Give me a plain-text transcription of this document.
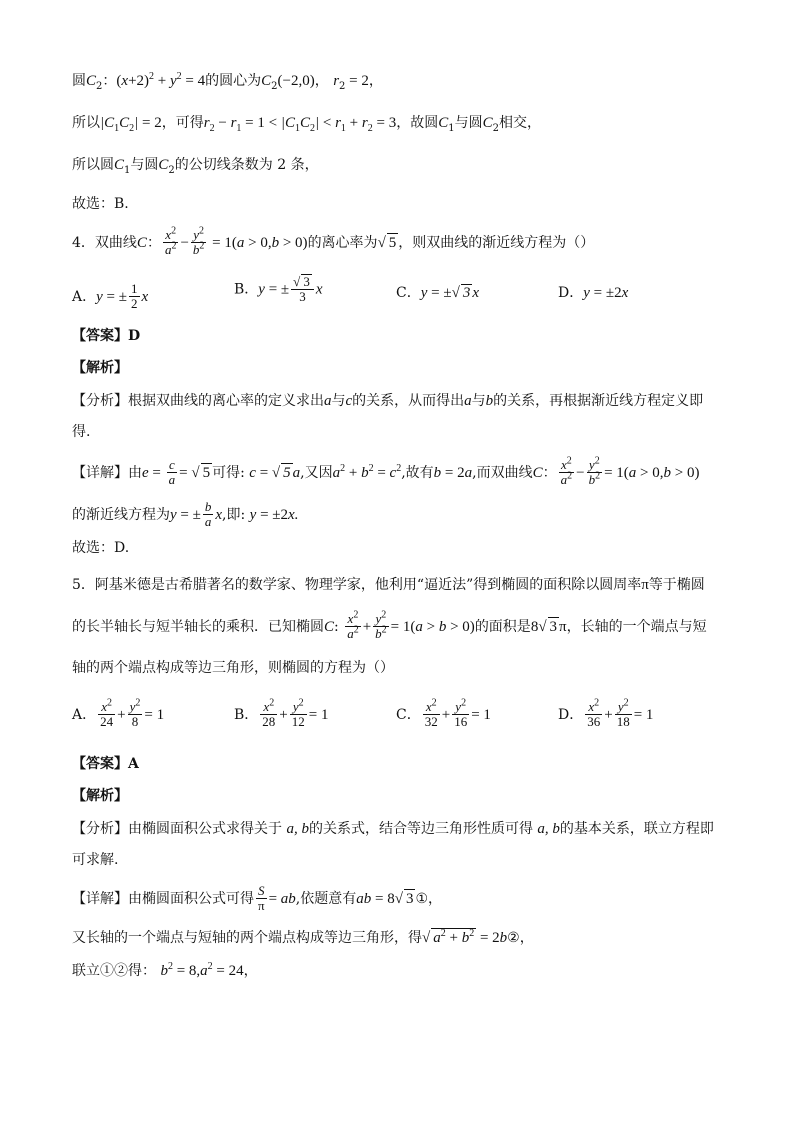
圆$C_2$：$(x+2)^2 + y^2 = 4$的圆心为$C_2(-2,0)$， $r_2 = 2$，
所以$|C_1C_2| = 2$，可得$r_2 - r_1 = 1 < |C_1C_2| < r_1 + r_2 = 3$，故圆$C_1$与圆$C_2$相交，
所以圆$C_1$与圆$C_2$的公切线条数为 2 条，
故选：B.
4．双曲线C： $\frac{x^2}{a^2} - \frac{y^2}{b^2} = 1(a > 0,b > 0)$的离心率为√ 5 ，则双曲线的渐近线方程为（）
A．y = ± $\frac{1}{2}$ x	B．y = ± $\frac{√ 3}{3}$ x	C．y = ±√ 3 x	D．y = ±2x
【答案】D
【解析】
【分析】根据双曲线的离心率的定义求出a与c的关系，从而得出a与b的关系，再根据渐近线方程定义即
得.
【详解】由$e = \frac{c}{a}$ = √ 5 可得: c = √ 5 a,又因$a^2 + b^2 = c^2$,故有b = 2a,而双曲线C： $\frac{x^2}{a^2} - \frac{y^2}{b^2} = 1(a > 0,b > 0)$
的渐近线方程为y = ± $\frac{b}{a} x$,即: y = ±2x.
故选：D.
5．阿基米德是古希腊著名的数学家、物理学家，他利用“逼近法”得到椭圆的面积除以圆周率π等于椭圆
的长半轴长与短半轴长的乘积．已知椭圆C: $\frac{x^2}{a^2} + \frac{y^2}{b^2} = 1(a > b > 0)$的面积是8√ 3 π，长轴的一个端点与短
轴的两个端点构成等边三角形，则椭圆的方程为（）
A． $\frac{x^2}{24} + \frac{y^2}{8} = 1$	B． $\frac{x^2}{28} + \frac{y^2}{12} = 1$	C． $\frac{x^2}{32} + \frac{y^2}{16} = 1$	D． $\frac{x^2}{36} + \frac{y^2}{18} = 1$
【答案】A
【解析】
【分析】由椭圆面积公式求得关于 a, b的关系式，结合等边三角形性质可得 a, b的基本关系，联立方程即
可求解.
【详解】由椭圆面积公式可得 $\frac{S}{\pi}$ = ab,依题意有ab = 8√ 3 ①，
又长轴的一个端点与短轴的两个端点构成等边三角形，得√ $a^2 + b^2$ = 2b②，
联立①②得： $b^2 = 8,a^2 = 24$，
